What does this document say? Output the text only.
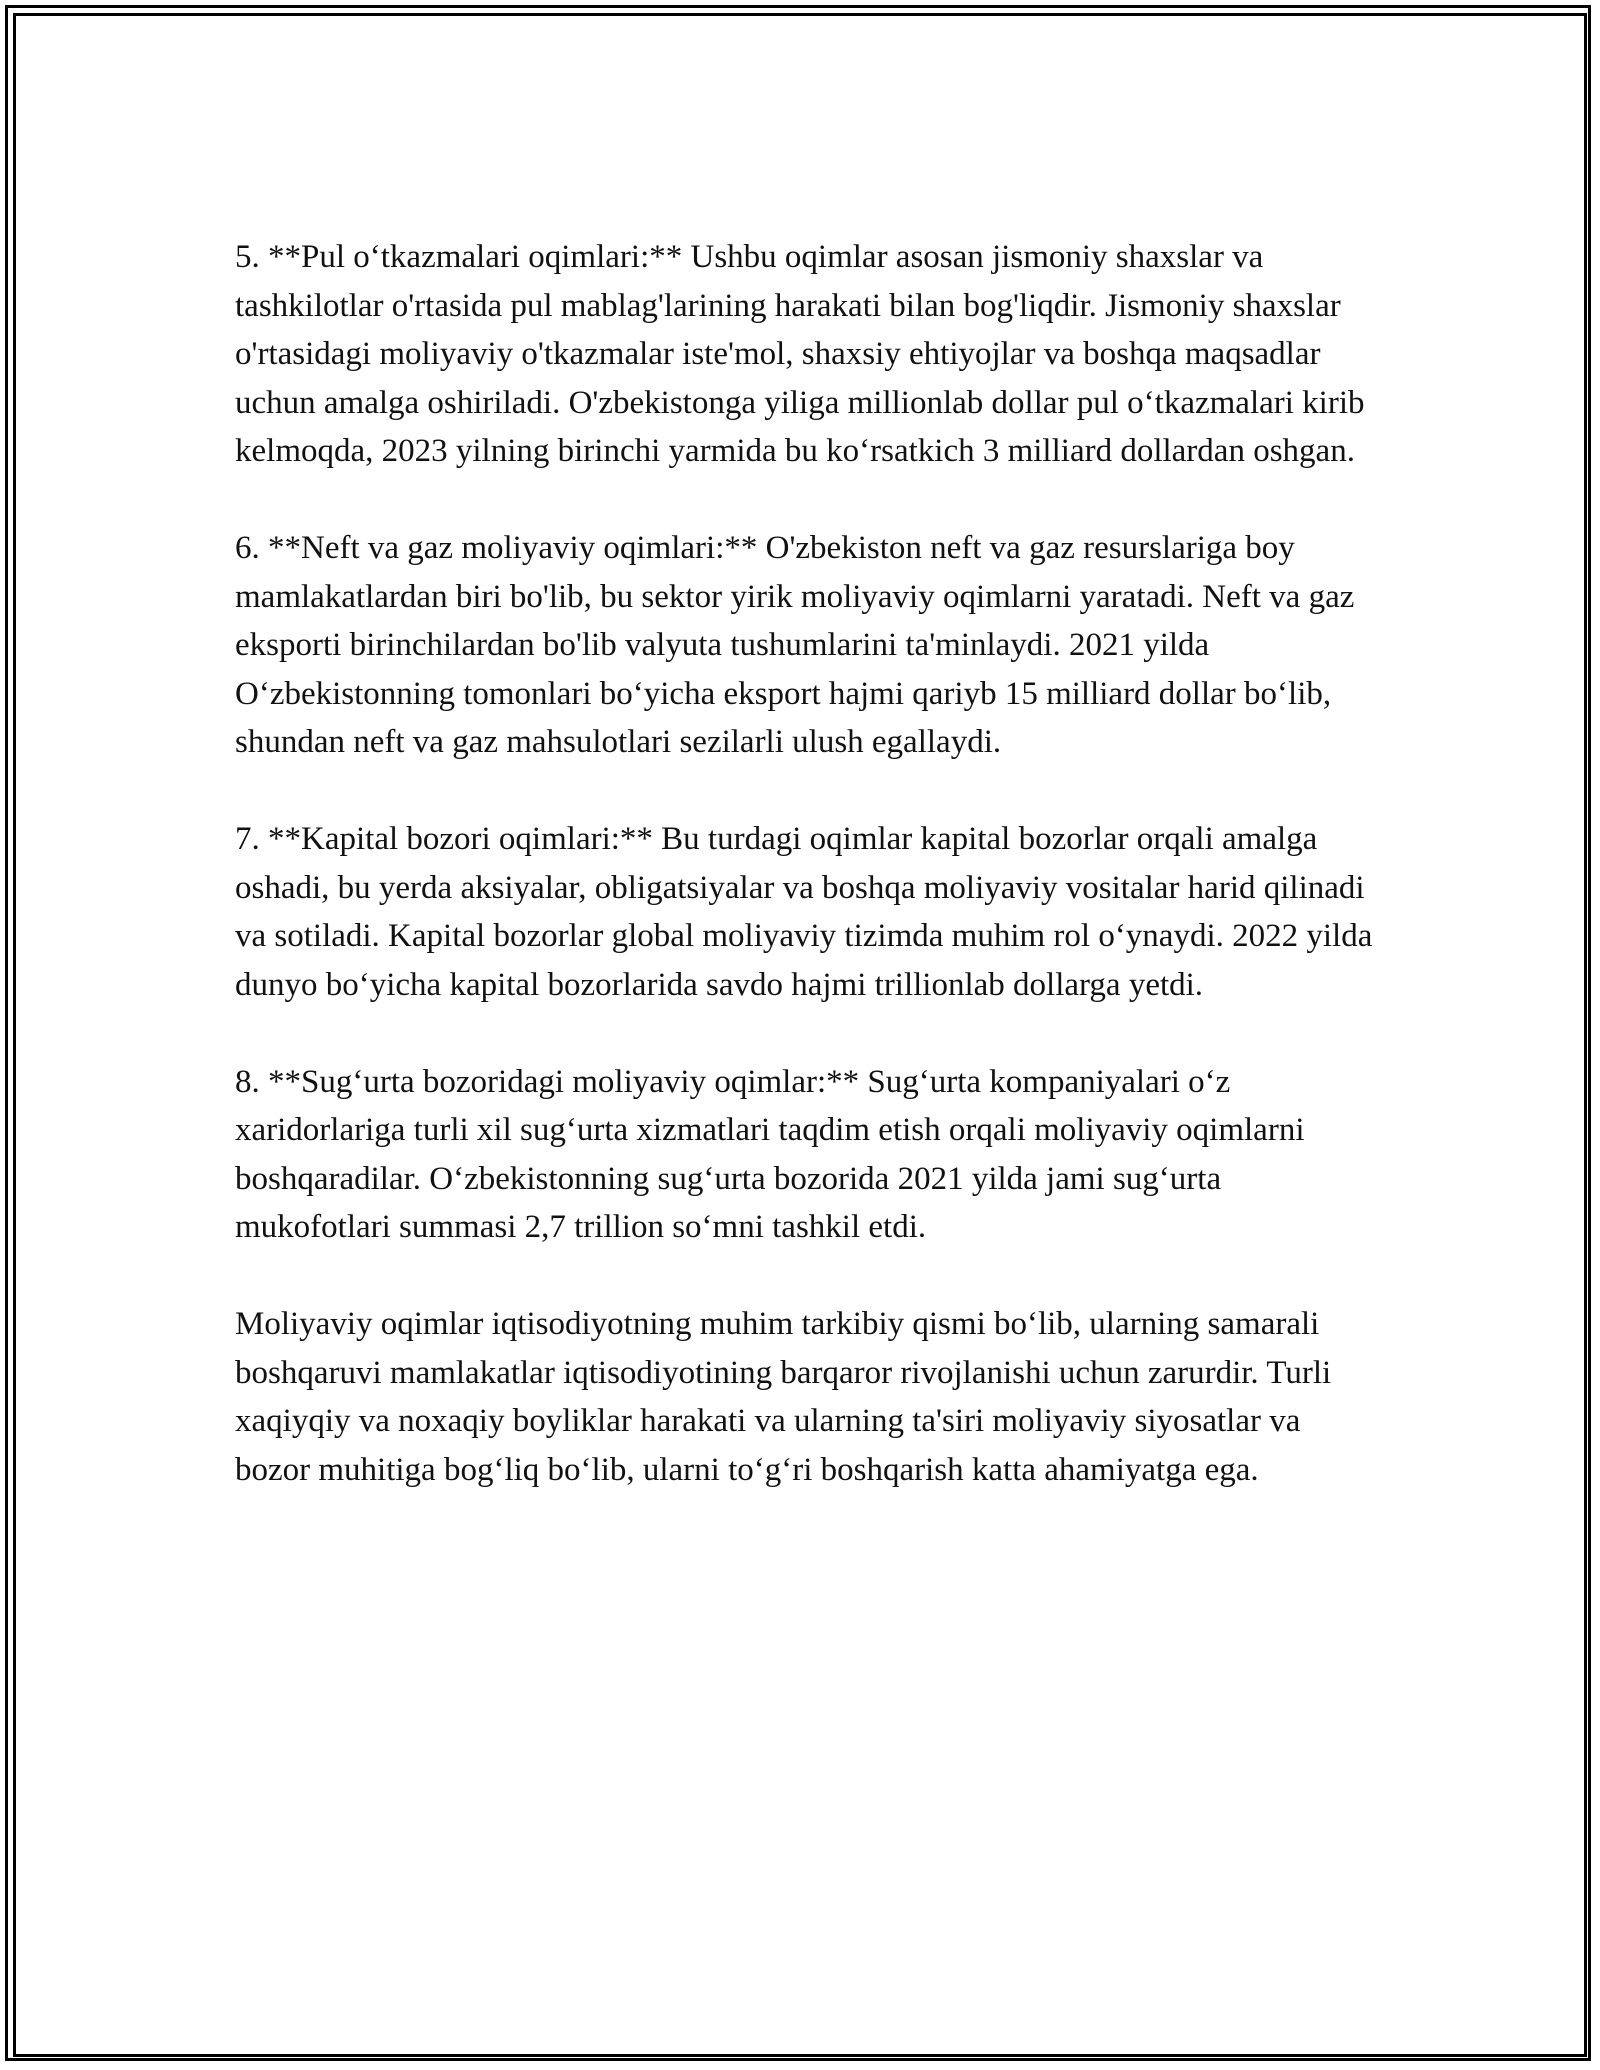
5. **Pul o‘tkazmalari oqimlari:** Ushbu oqimlar asosan jismoniy shaxslar va tashkilotlar o'rtasida pul mablag'larining harakati bilan bog'liqdir. Jismoniy shaxslar o'rtasidagi moliyaviy o'tkazmalar iste'mol, shaxsiy ehtiyojlar va boshqa maqsadlar uchun amalga oshiriladi. O'zbekistonga yiliga millionlab dollar pul o‘tkazmalari kirib kelmoqda, 2023 yilning birinchi yarmida bu ko‘rsatkich 3 milliard dollardan oshgan.

6. **Neft va gaz moliyaviy oqimlari:** O'zbekiston neft va gaz resurslariga boy mamlakatlardan biri bo'lib, bu sektor yirik moliyaviy oqimlarni yaratadi. Neft va gaz eksporti birinchilardan bo'lib valyuta tushumlarini ta'minlaydi. 2021 yilda O‘zbekistonning tomonlari bo‘yicha eksport hajmi qariyb 15 milliard dollar bo‘lib, shundan neft va gaz mahsulotlari sezilarli ulush egallaydi.

7. **Kapital bozori oqimlari:** Bu turdagi oqimlar kapital bozorlar orqali amalga oshadi, bu yerda aksiyalar, obligatsiyalar va boshqa moliyaviy vositalar harid qilinadi va sotiladi. Kapital bozorlar global moliyaviy tizimda muhim rol o‘ynaydi. 2022 yilda dunyo bo‘yicha kapital bozorlarida savdo hajmi trillionlab dollarga yetdi.

8. **Sug‘urta bozoridagi moliyaviy oqimlar:** Sug‘urta kompaniyalari o‘z xaridorlariga turli xil sug‘urta xizmatlari taqdim etish orqali moliyaviy oqimlarni boshqaradilar. O‘zbekistonning sug‘urta bozorida 2021 yilda jami sug‘urta mukofotlari summasi 2,7 trillion so‘mni tashkil etdi.

Moliyaviy oqimlar iqtisodiyotning muhim tarkibiy qismi bo‘lib, ularning samarali boshqaruvi mamlakatlar iqtisodiyotining barqaror rivojlanishi uchun zarurdir. Turli xaqiyqiy va noxaqiy boyliklar harakati va ularning ta'siri moliyaviy siyosatlar va bozor muhitiga bog‘liq bo‘lib, ularni to‘g‘ri boshqarish katta ahamiyatga ega.
